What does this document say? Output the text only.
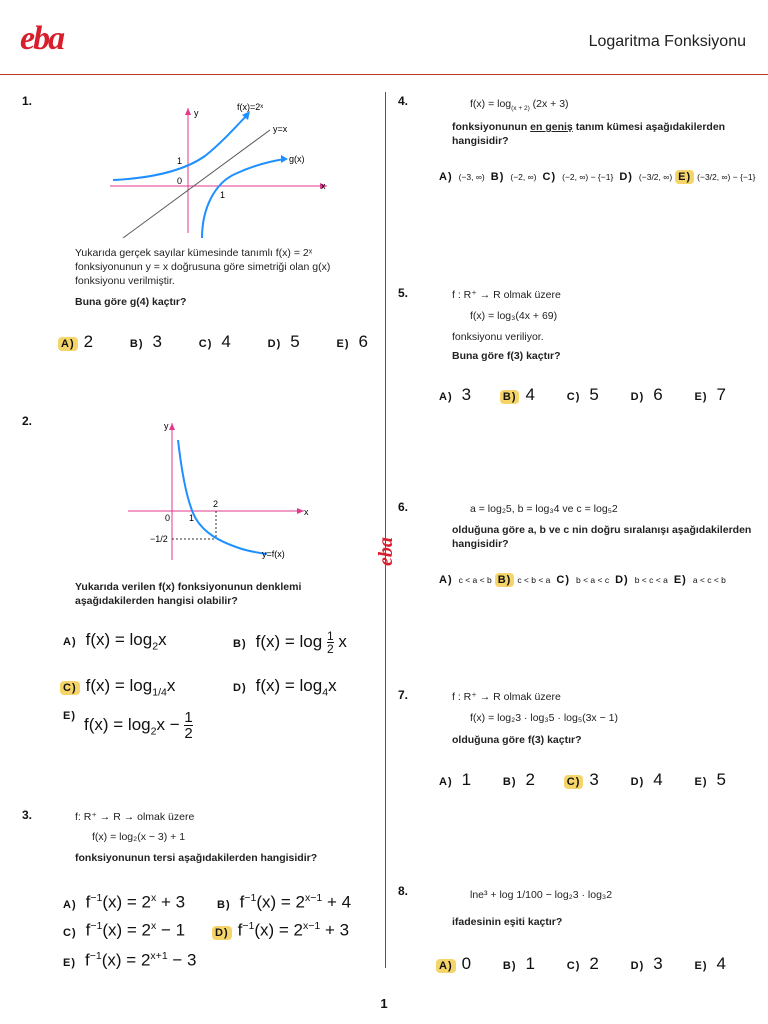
eba	Logaritma Fonksiyonu
eba
1.	f(x)=2ˣ
y
y=x
g(x)
1
0
1
x
Yukarıda gerçek sayılar kümesinde tanımlı f(x) = 2ˣ fonksiyonunun y = x doğrusuna göre simetriği olan g(x) fonksiyonu verilmiştir.
Buna göre g(4) kaçtır?
A) 2	B) 3	C) 4	D) 5	E) 6
2.	y
x
0 1
2
−1/2
y=f(x)
Yukarıda verilen f(x) fonksiyonunun denklemi aşağıdakilerden hangisi olabilir?
A) $f(x) = \log_2x$	B) $f(x) = \log \frac{1}{2}$ x
C) $f(x) = \log_{1/4}x$	D) $f(x) = \log_4x$
E) $f(x) = \log_2x - \frac{1}{2}$
3.	f: R⁺ → R → olmak üzere
f(x) = log₂(x − 3) + 1
fonksiyonunun tersi aşağıdakilerden hangisidir?
A) $f^{-1}(x) = 2^x + 3$	B) $f^{-1}(x) = 2^{x-1} + 4$
C) $f^{-1}(x) = 2^x - 1$	D) $f^{-1}(x) = 2^{x-1} + 3$
E) $f^{-1}(x) = 2^{x+1} - 3$
4.	$f(x) = \log_{(x + 2)} (2x + 3)$
fonksiyonunun en geniş tanım kümesi aşağıdakilerden hangisidir?
A) (−3, ∞) B) (−2, ∞) C) (−2, ∞) − {−1} D) (−3/2, ∞) E) (−3/2, ∞) − {−1}
5.	f : R⁺ → R olmak üzere
f(x) = log₃(4x + 69)
fonksiyonu veriliyor.
Buna göre f(3) kaçtır?
A) 3	B) 4	C) 5	D) 6	E) 7
6.	a = log₂5, b = log₃4 ve c = log₅2
olduğuna göre a, b ve c nin doğru sıralanışı aşağıdakilerden hangisidir?
A) c < a < b B) c < b < a C) b < a < c D) b < c < a E) a < c < b
7.	f : R⁺ → R olmak üzere
f(x) = log₂3 · log₃5 · log₅(3x − 1)
olduğuna göre f(3) kaçtır?
A) 1	B) 2	C) 3	D) 4	E) 5
8.	lne³ + log 1/100 − log₂3 · log₃2
ifadesinin eşiti kaçtır?
A) 0	B) 1	C) 2	D) 3	E) 4
1
